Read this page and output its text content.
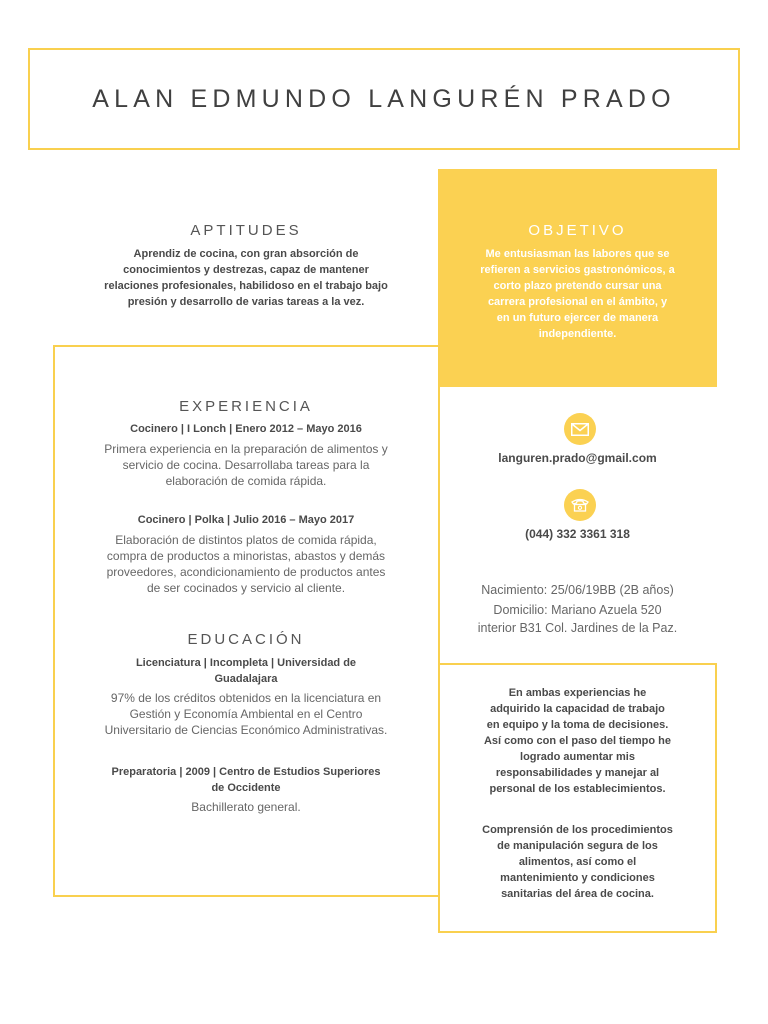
ALAN EDMUNDO LANGURÉN PRADO
APTITUDES
Aprendiz de cocina, con gran absorción de
conocimientos y destrezas, capaz de mantener
relaciones profesionales, habilidoso en el trabajo bajo
presión y desarrollo de varias tareas a la vez.
OBJETIVO
Me entusiasman las labores que se
refieren a servicios gastronómicos, a
corto plazo pretendo cursar una
carrera profesional en el ámbito, y
en un futuro ejercer de manera
independiente.
EXPERIENCIA
Cocinero | I Lonch | Enero 2012 – Mayo 2016
Primera experiencia en la preparación de alimentos y
servicio de cocina. Desarrollaba tareas para la
elaboración de comida rápida.
Cocinero | Polka | Julio 2016 – Mayo 2017
Elaboración de distintos platos de comida rápida,
compra de productos a minoristas, abastos y demás
proveedores, acondicionamiento de productos antes
de ser cocinados y servicio al cliente.
EDUCACIÓN
Licenciatura | Incompleta | Universidad de
Guadalajara
97% de los créditos obtenidos en la licenciatura en
Gestión y Economía Ambiental en el Centro
Universitario de Ciencias Económico Administrativas.
Preparatoria | 2009 | Centro de Estudios Superiores
de Occidente
Bachillerato general.
languren.prado@gmail.com
(044) 332 3361 318
Nacimiento: 25/06/19BB (2B años)
Domicilio: Mariano Azuela 520
interior B31 Col. Jardines de la Paz.
En ambas experiencias he
adquirido la capacidad de trabajo
en equipo y la toma de decisiones.
Así como con el paso del tiempo he
logrado aumentar mis
responsabilidades y manejar al
personal de los establecimientos.
Comprensión de los procedimientos
de manipulación segura de los
alimentos, así como el
mantenimiento y condiciones
sanitarias del área de cocina.
